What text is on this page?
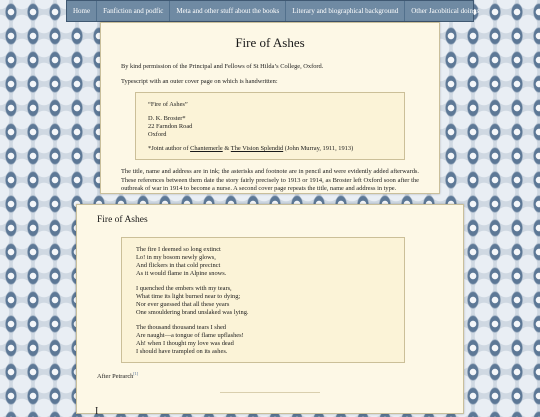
Home	Fanfiction and podfic	Meta and other stuff about the books	Literary and biographical background	Other Jacobitical doings
Fire of Ashes

By kind permission of the Principal and Fellows of St Hilda’s College, Oxford.

Typescript with an outer cover page on which is handwritten:

“Fire of Ashes”
D. K. Broster*
22 Farndon Road
Oxford
*Joint author of Chantemerle & The Vision Splendid (John Murray, 1911, 1913)

The title, name and address are in ink; the asterisks and footnote are in pencil and were evidently added afterwards. These references between them date the story fairly precisely to 1913 or 1914, as Broster left Oxford soon after the outbreak of war in 1914 to become a nurse. A second cover page repeats the title, name and address in type.

Fire of Ashes
The fire I deemed so long extinct
Lo! in my bosom newly glows,
And flickers in that cold precinct
As it would flame in Alpine snows.
I quenched the embers with my tears,
What time its light burned near to dying;
Nor ever guessed that all these years
One smouldering brand unslaked was lying.
The thousand thousand tears I shed
Are naught—a tongue of flame upflashes!
Ah! when I thought my love was dead
I should have trampled on its ashes.

After Petrarch[1]

I
